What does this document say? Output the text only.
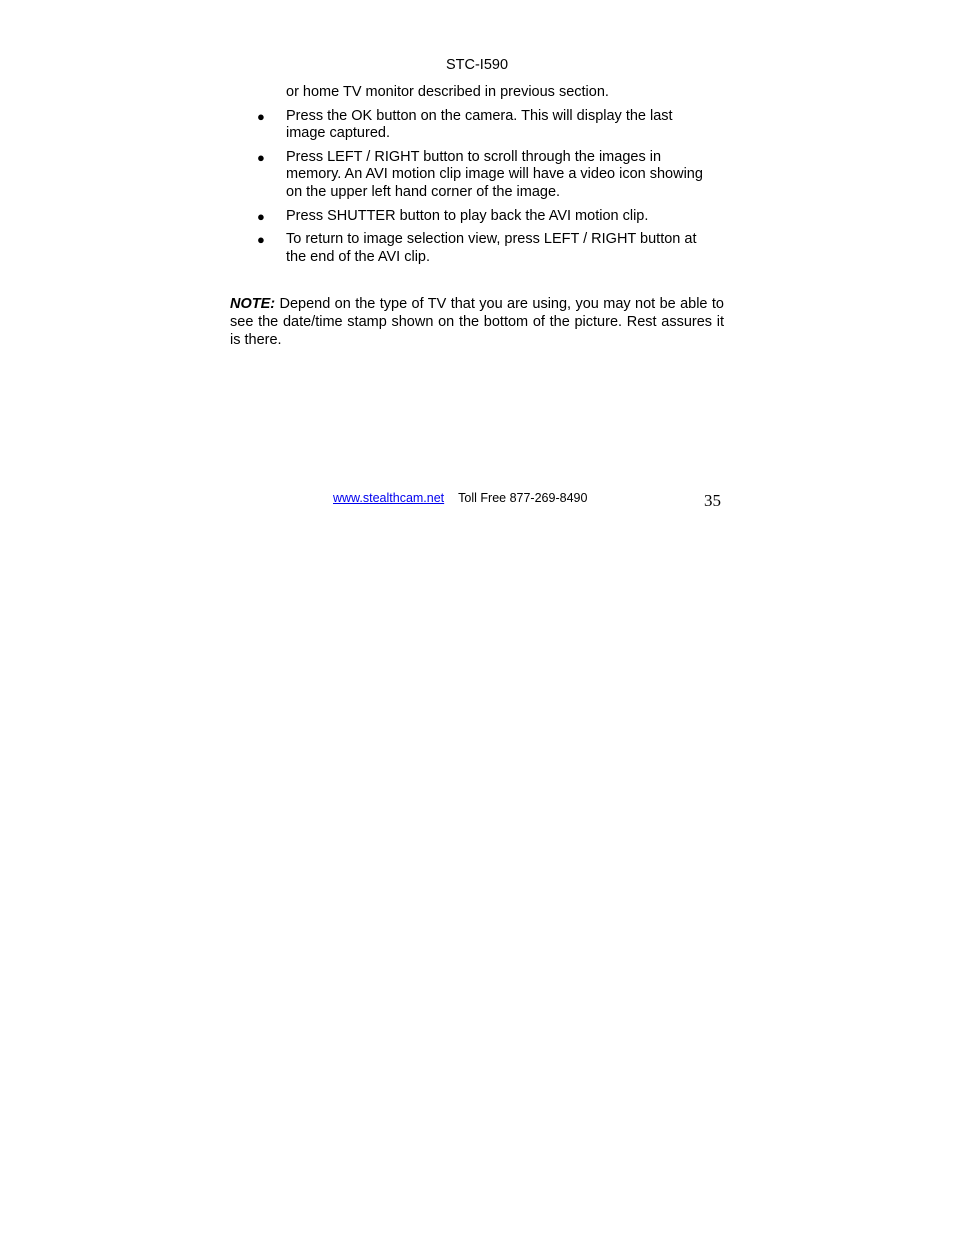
STC-I590

or home TV monitor described in previous section.

● Press the OK button on the camera. This will display the last image captured.
● Press LEFT / RIGHT button to scroll through the images in memory. An AVI motion clip image will have a video icon showing on the upper left hand corner of the image.
● Press SHUTTER button to play back the AVI motion clip.
● To return to image selection view, press LEFT / RIGHT button at the end of the AVI clip.

NOTE: Depend on the type of TV that you are using, you may not be able to see the date/time stamp shown on the bottom of the picture. Rest assures it is there.

www.stealthcam.net Toll Free 877-269-8490	35
